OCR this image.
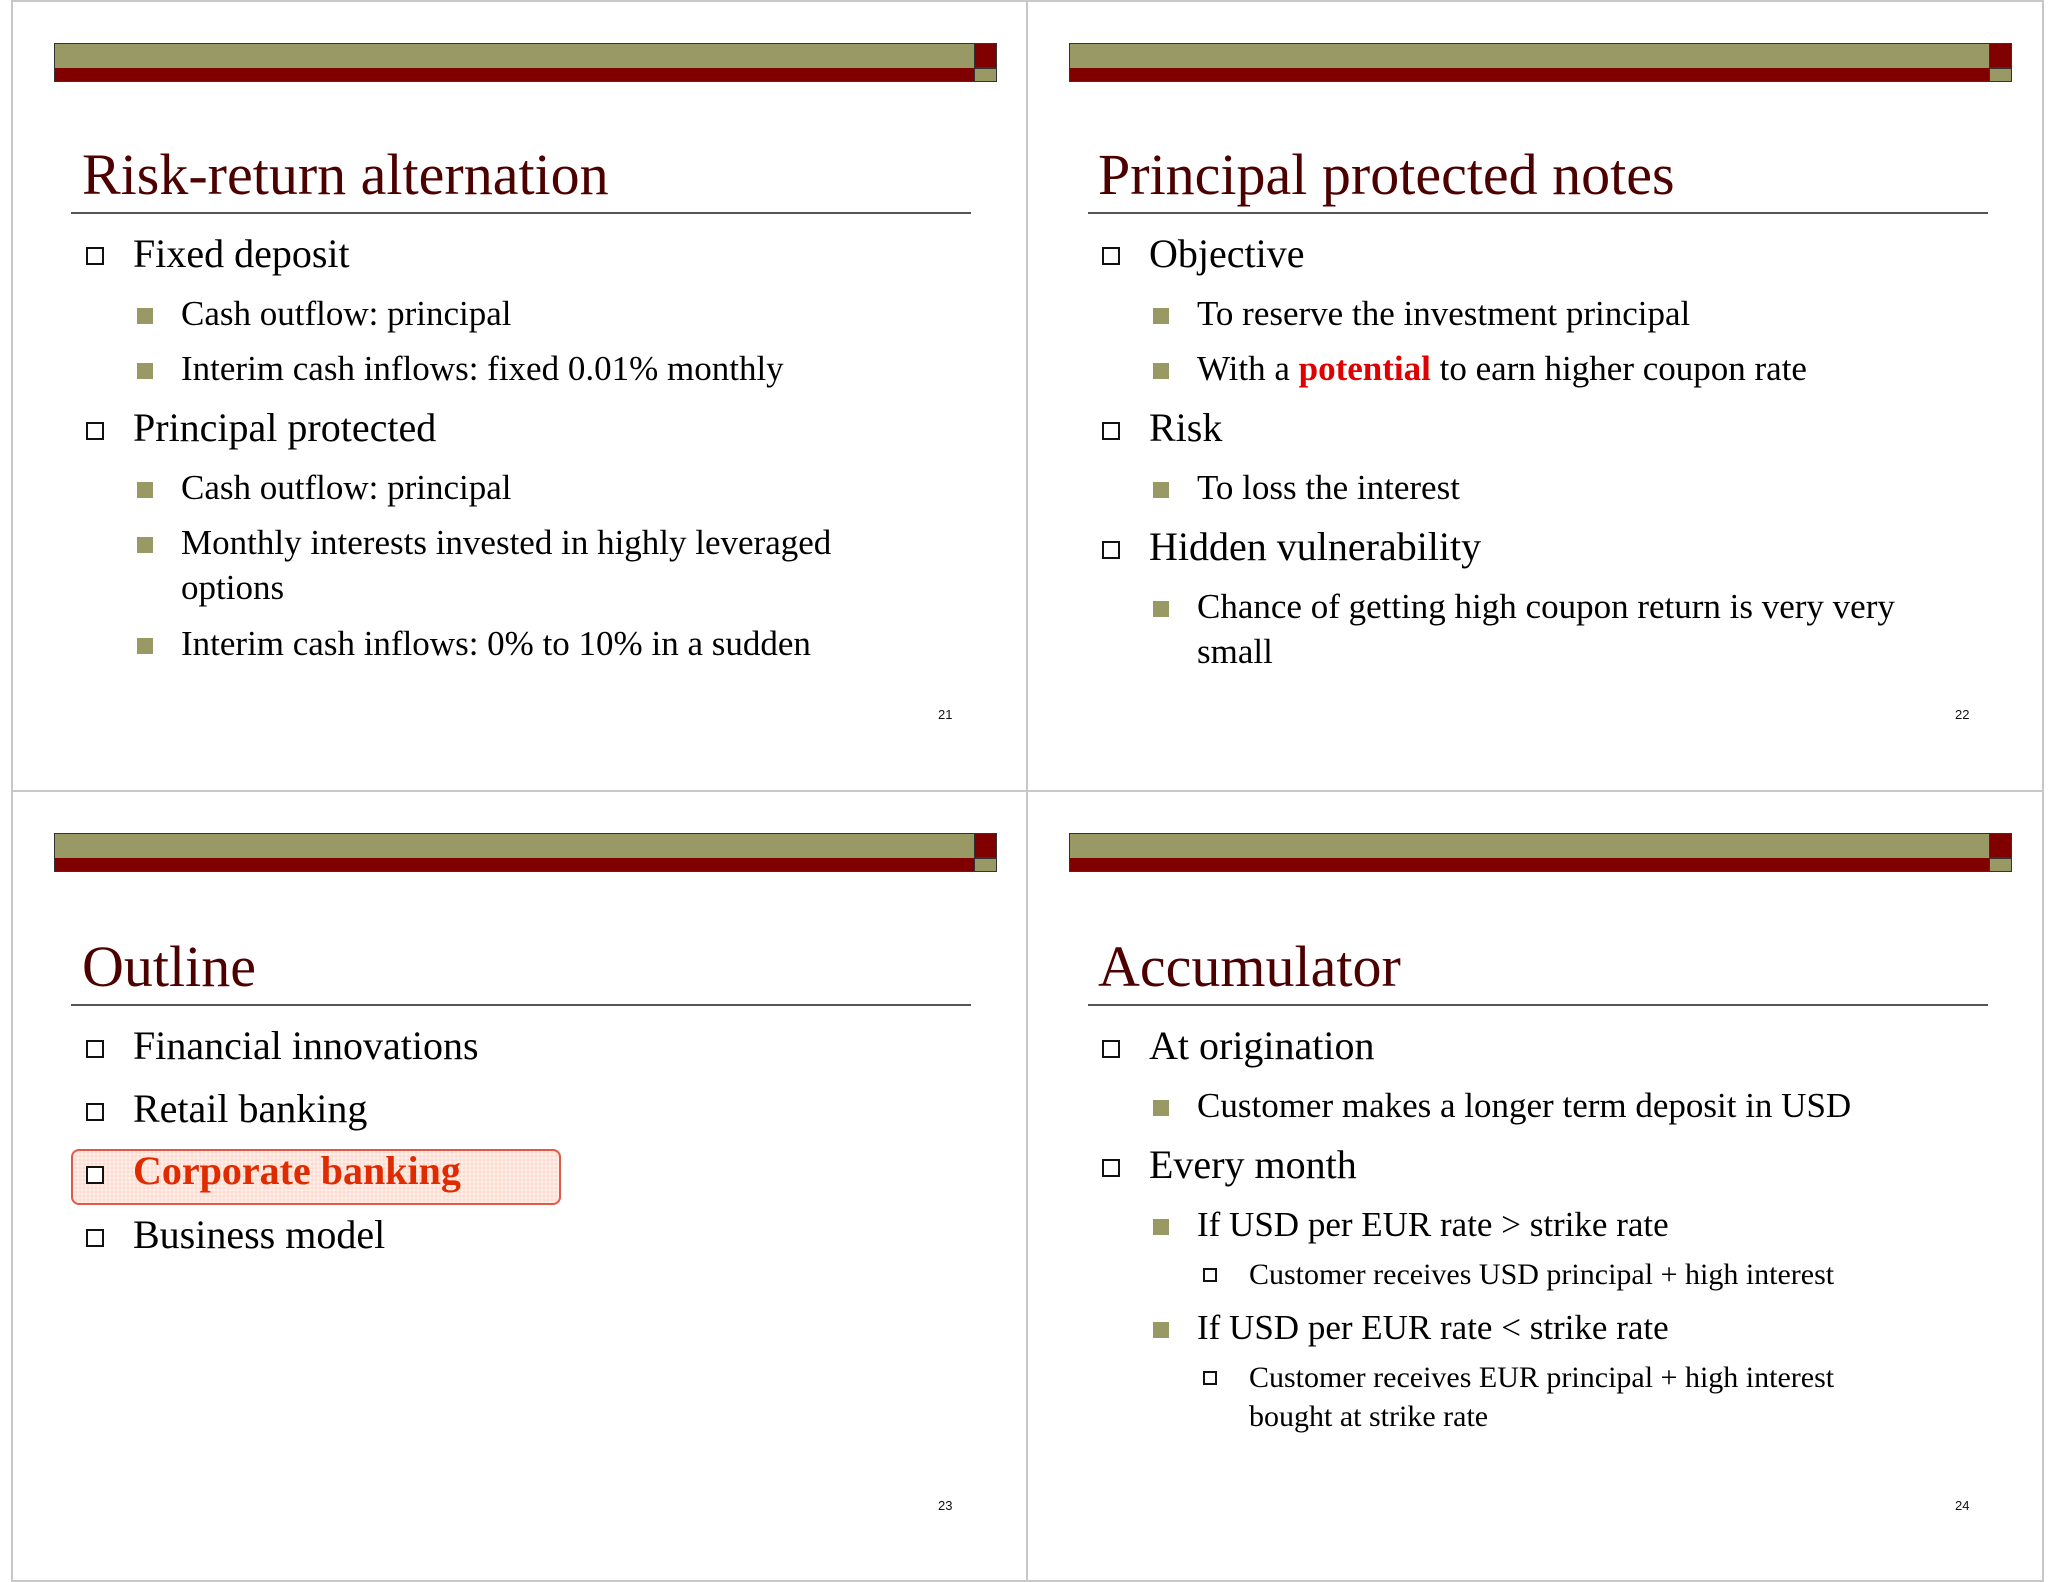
Risk-return alternation
Fixed deposit
Cash outflow: principal
Interim cash inflows: fixed 0.01% monthly
Principal protected
Cash outflow: principal
Monthly interests invested in highly leveraged
options
Interim cash inflows: 0% to 10% in a sudden
21
Principal protected notes
Objective
To reserve the investment principal
With a potential to earn higher coupon rate
Risk
To loss the interest
Hidden vulnerability
Chance of getting high coupon return is very very
small
22
Outline
Financial innovations
Retail banking
Corporate banking
Business model
23
Accumulator
At origination
Customer makes a longer term deposit in USD
Every month
If USD per EUR rate > strike rate
Customer receives USD principal + high interest
If USD per EUR rate < strike rate
Customer receives EUR principal + high interest
bought at strike rate
24
